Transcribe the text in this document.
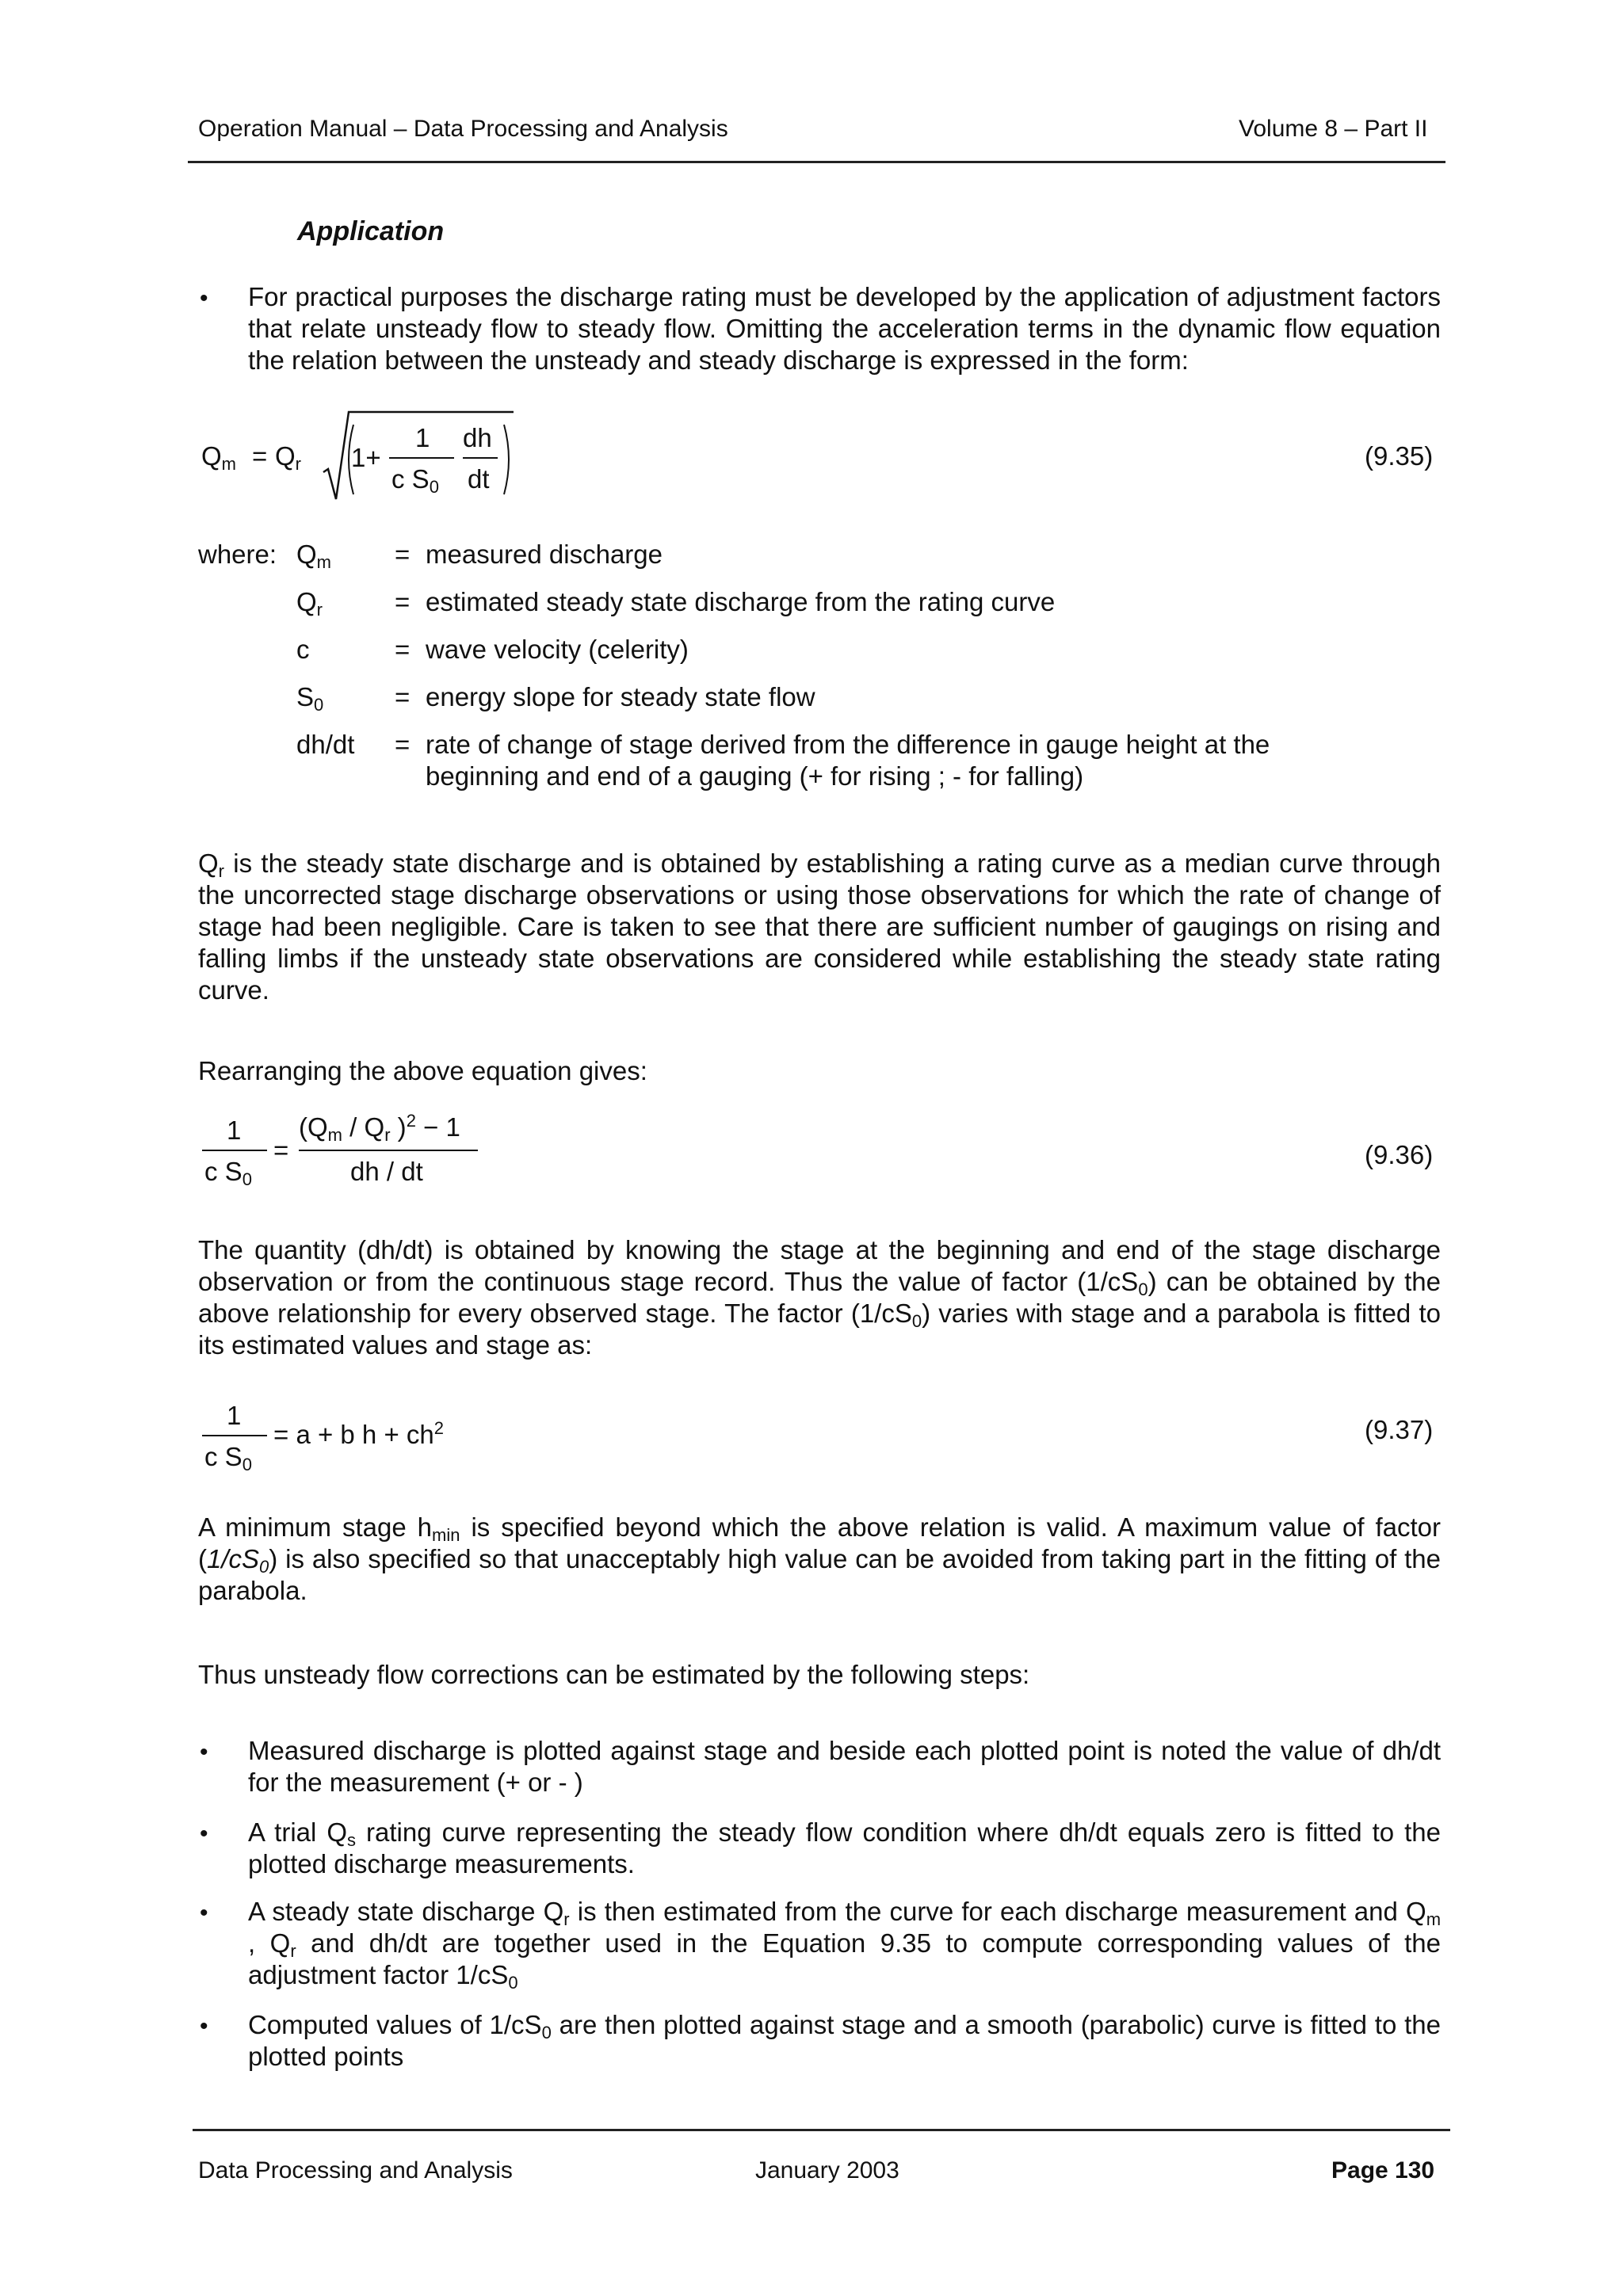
Operation Manual – Data Processing and Analysis	Volume 8 – Part II
Application
• For practical purposes the discharge rating must be developed by the application of adjustment factors that relate unsteady flow to steady flow. Omitting the acceleration terms in the dynamic flow equation the relation between the unsteady and steady discharge is expressed in the form:
$Q_m = Q_r$ 1+
1
c $S_0$
dh
dt
(9.35)
where: $Q_m$ = measured discharge
$Q_r$	= estimated steady state discharge from the rating curve
c	= wave velocity (celerity)
$S_0$	= energy slope for steady state flow
dh/dt = rate of change of stage derived from the difference in gauge height at the
beginning and end of a gauging (+ for rising ; - for falling)
$Q_r$ is the steady state discharge and is obtained by establishing a rating curve as a median curve through the uncorrected stage discharge observations or using those observations for which the rate of change of stage had been negligible. Care is taken to see that there are sufficient number of gaugings on rising and falling limbs if the unsteady state observations are considered while establishing the steady state rating curve.
Rearranging the above equation gives:
1
c $S_0$
=
($Q_m / Q_r$ )$^2$ − 1
dh / dt
(9.36)
The quantity (dh/dt) is obtained by knowing the stage at the beginning and end of the stage discharge observation or from the continuous stage record. Thus the value of factor $(1/cS_0)$ can be obtained by the above relationship for every observed stage. The factor $(1/cS_0)$ varies with stage and a parabola is fitted to its estimated values and stage as:
1
c $S_0$
= a + b $h + ch^2$	(9.37)
A minimum stage $h_{min}$ is specified beyond which the above relation is valid. A maximum value of factor $(1/cS_0)$ is also specified so that unacceptably high value can be avoided from taking part in the fitting of the parabola.
Thus unsteady flow corrections can be estimated by the following steps:
• Measured discharge is plotted against stage and beside each plotted point is noted the value of dh/dt for the measurement (+ or - )
• A trial $Q_s$ rating curve representing the steady flow condition where dh/dt equals zero is fitted to the plotted discharge measurements.
• A steady state discharge $Q_r$ is then estimated from the curve for each discharge measurement and $Q_m$ , $Q_r$ and dh/dt are together used in the Equation 9.35 to compute corresponding values of the adjustment factor $1/cS_0$
• Computed values of $1/cS_0$ are then plotted against stage and a smooth (parabolic) curve is fitted to the plotted points
Data Processing and Analysis	January 2003	Page 130
